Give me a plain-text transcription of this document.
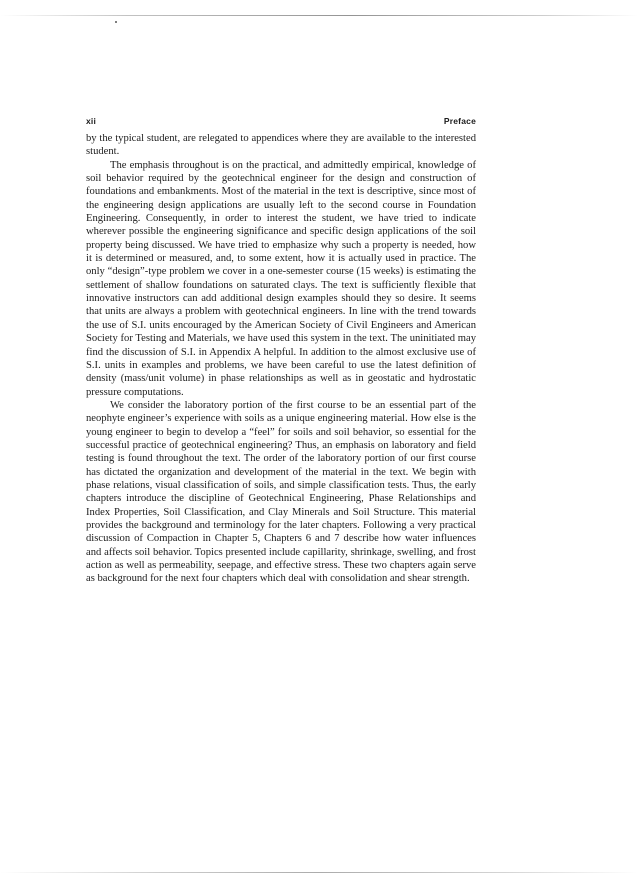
xii	Preface

by the typical student, are relegated to appendices where they are available to the interested student.

The emphasis throughout is on the practical, and admittedly empirical, knowledge of soil behavior required by the geotechnical engineer for the design and construction of foundations and embankments. Most of the material in the text is descriptive, since most of the engineering design applications are usually left to the second course in Foundation Engineering. Consequently, in order to interest the student, we have tried to indicate wherever possible the engineering significance and specific design applications of the soil property being discussed. We have tried to emphasize why such a property is needed, how it is determined or measured, and, to some extent, how it is actually used in practice. The only “design”-type problem we cover in a one-semester course (15 weeks) is estimating the settlement of shallow foundations on saturated clays. The text is sufficiently flexible that innovative instructors can add additional design examples should they so desire. It seems that units are always a problem with geotechnical engineers. In line with the trend towards the use of S.I. units encouraged by the American Society of Civil Engineers and American Society for Testing and Materials, we have used this system in the text. The uninitiated may find the discussion of S.I. in Appendix A helpful. In addition to the almost exclusive use of S.I. units in examples and problems, we have been careful to use the latest definition of density (mass/unit volume) in phase relationships as well as in geostatic and hydrostatic pressure computations.

We consider the laboratory portion of the first course to be an essential part of the neophyte engineer’s experience with soils as a unique engineering material. How else is the young engineer to begin to develop a “feel” for soils and soil behavior, so essential for the successful practice of geotechnical engineering? Thus, an emphasis on laboratory and field testing is found throughout the text. The order of the laboratory portion of our first course has dictated the organization and development of the material in the text. We begin with phase relations, visual classification of soils, and simple classification tests. Thus, the early chapters introduce the discipline of Geotechnical Engineering, Phase Relationships and Index Properties, Soil Classification, and Clay Minerals and Soil Structure. This material provides the background and terminology for the later chapters. Following a very practical discussion of Compaction in Chapter 5, Chapters 6 and 7 describe how water influences and affects soil behavior. Topics presented include capillarity, shrinkage, swelling, and frost action as well as permeability, seepage, and effective stress. These two chapters again serve as background for the next four chapters which deal with consolidation and shear strength.
